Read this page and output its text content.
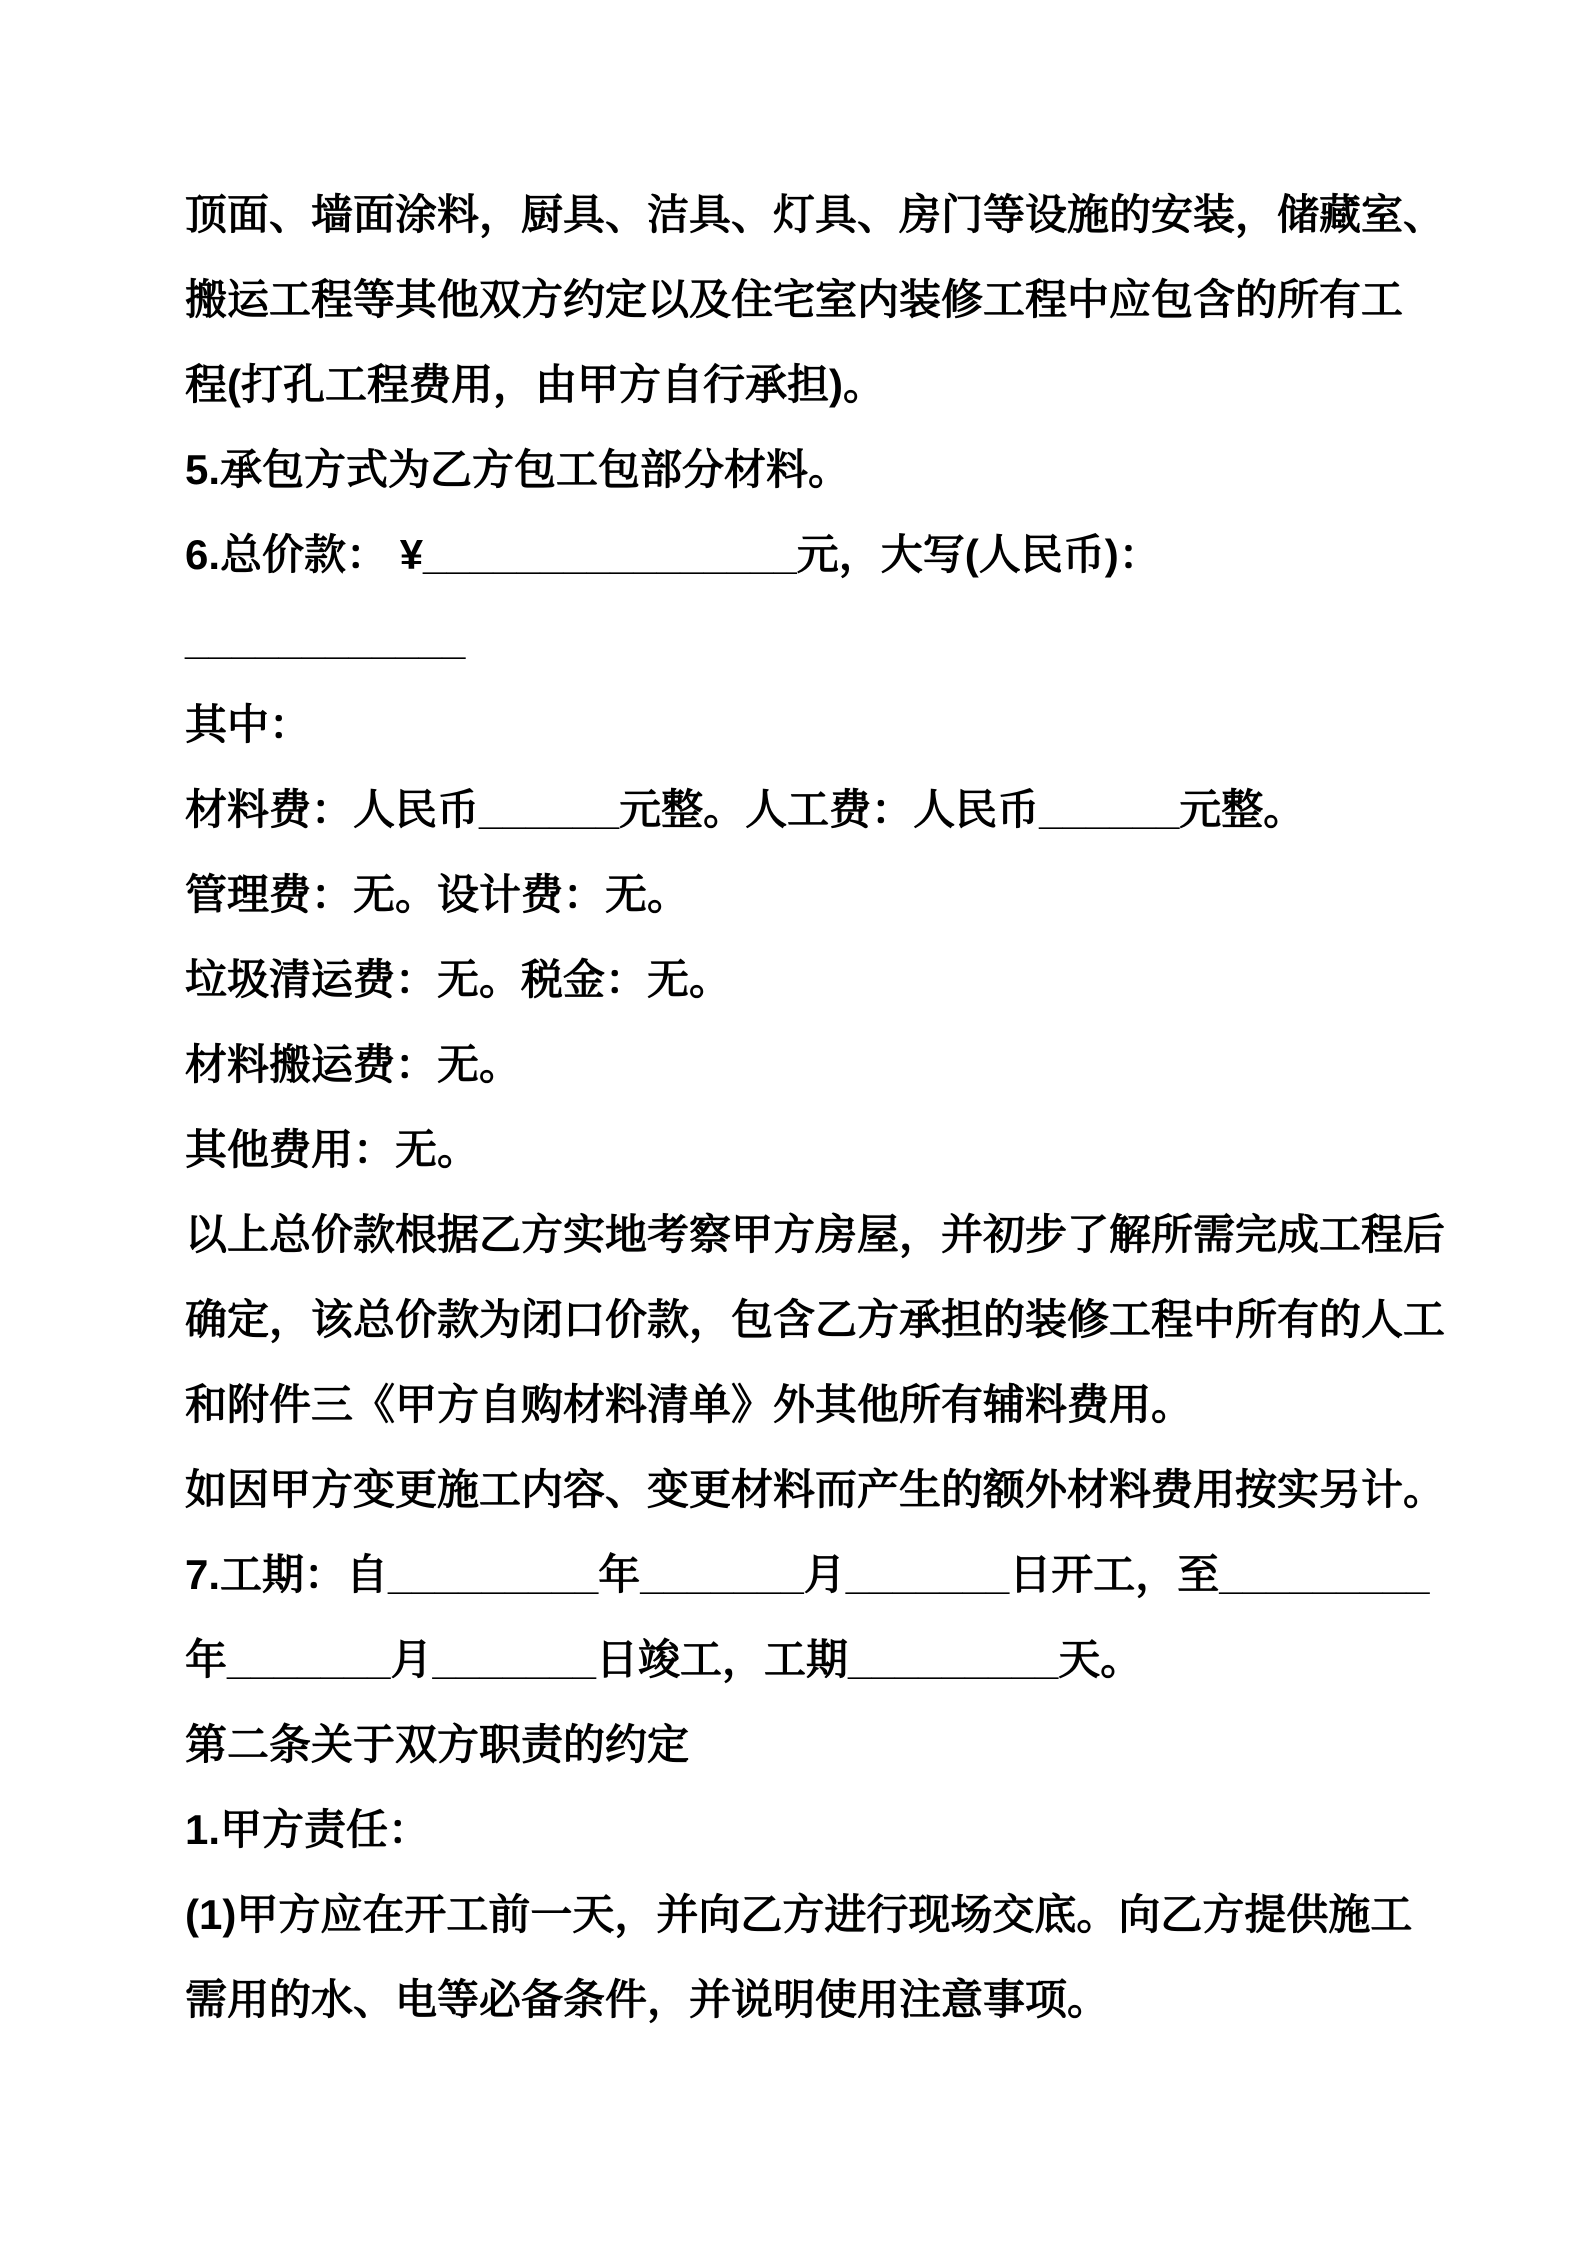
顶面、墙面涂料，厨具、洁具、灯具、房门等设施的安装，储藏室、
搬运工程等其他双方约定以及住宅室内装修工程中应包含的所有工
程(打孔工程费用，由甲方自行承担)。
5.承包方式为乙方包工包部分材料。
6.总价款： ¥________________元，大写(人民币)：
____________
其中：
材料费：人民币______元整。人工费：人民币______元整。
管理费：无。设计费：无。
垃圾清运费：无。税金：无。
材料搬运费：无。
其他费用：无。
以上总价款根据乙方实地考察甲方房屋，并初步了解所需完成工程后
确定，该总价款为闭口价款，包含乙方承担的装修工程中所有的人工
和附件三《甲方自购材料清单》外其他所有辅料费用。
如因甲方变更施工内容、变更材料而产生的额外材料费用按实另计。
7.工期：自_________年_______月_______日开工，至_________
年_______月_______日竣工，工期_________天。
第二条关于双方职责的约定
1.甲方责任：
(1)甲方应在开工前一天，并向乙方进行现场交底。向乙方提供施工
需用的水、电等必备条件，并说明使用注意事项。
